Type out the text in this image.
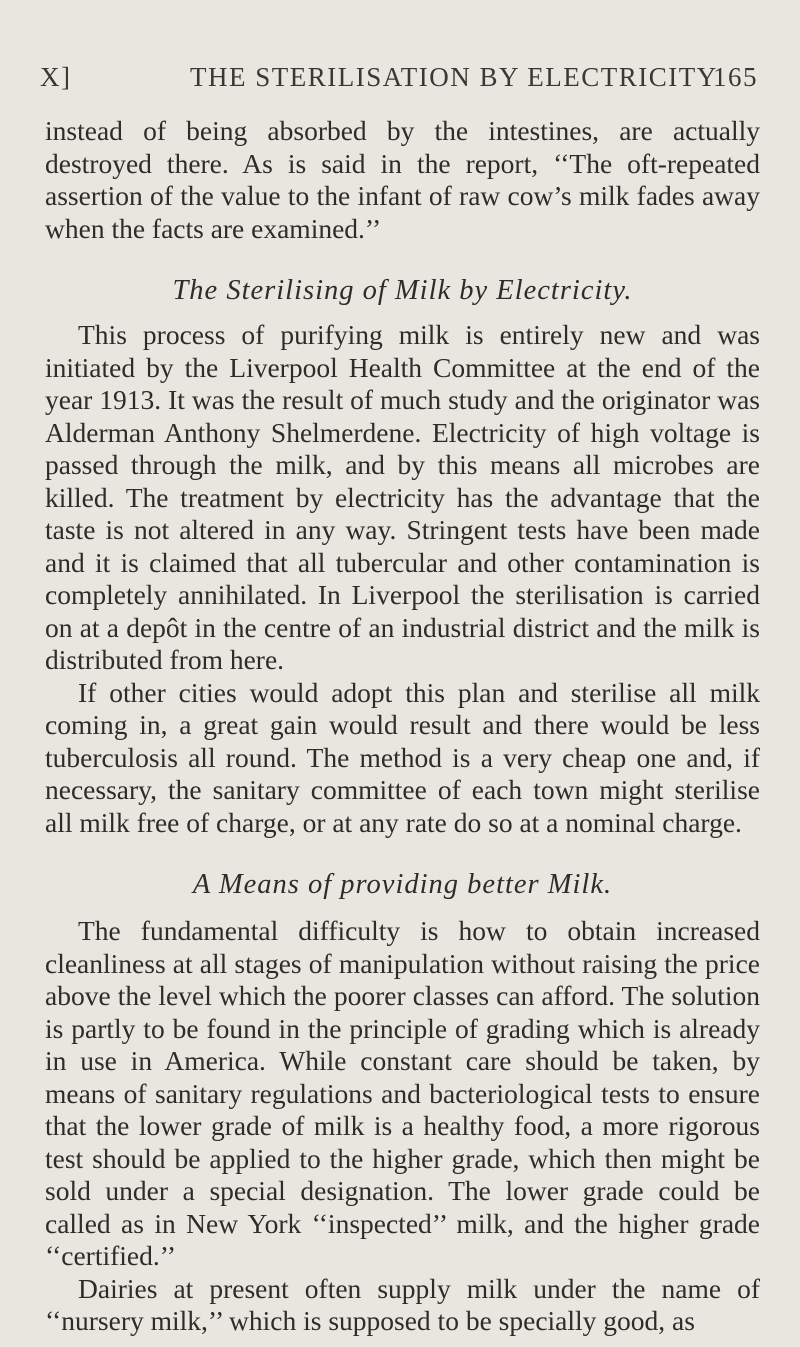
X]	THE STERILISATION BY ELECTRICITY
165

instead of being absorbed by the intestines, are actually destroyed there. As is said in the report, ‘‘The oft-repeated assertion of the value to the infant of raw cow’s milk fades away when the facts are examined.’’

The Sterilising of Milk by Electricity.

This process of purifying milk is entirely new and was initiated by the Liverpool Health Committee at the end of the year 1913. It was the result of much study and the originator was Alderman Anthony Shelmerdene. Electricity of high voltage is passed through the milk, and by this means all microbes are killed. The treatment by electricity has the advantage that the taste is not altered in any way. Stringent tests have been made and it is claimed that all tubercular and other contamination is completely annihilated. In Liverpool the sterilisation is carried on at a depôt in the centre of an industrial district and the milk is distributed from here.

If other cities would adopt this plan and sterilise all milk coming in, a great gain would result and there would be less tuberculosis all round. The method is a very cheap one and, if necessary, the sanitary committee of each town might sterilise all milk free of charge, or at any rate do so at a nominal charge.

A Means of providing better Milk.

The fundamental difficulty is how to obtain increased cleanliness at all stages of manipulation without raising the price above the level which the poorer classes can afford. The solution is partly to be found in the principle of grading which is already in use in America. While constant care should be taken, by means of sanitary regulations and bacteriological tests to ensure that the lower grade of milk is a healthy food, a more rigorous test should be applied to the higher grade, which then might be sold under a special designation. The lower grade could be called as in New York ‘‘inspected’’ milk, and the higher grade ‘‘certified.’’

Dairies at present often supply milk under the name of ‘‘nursery milk,’’ which is supposed to be specially good, as
